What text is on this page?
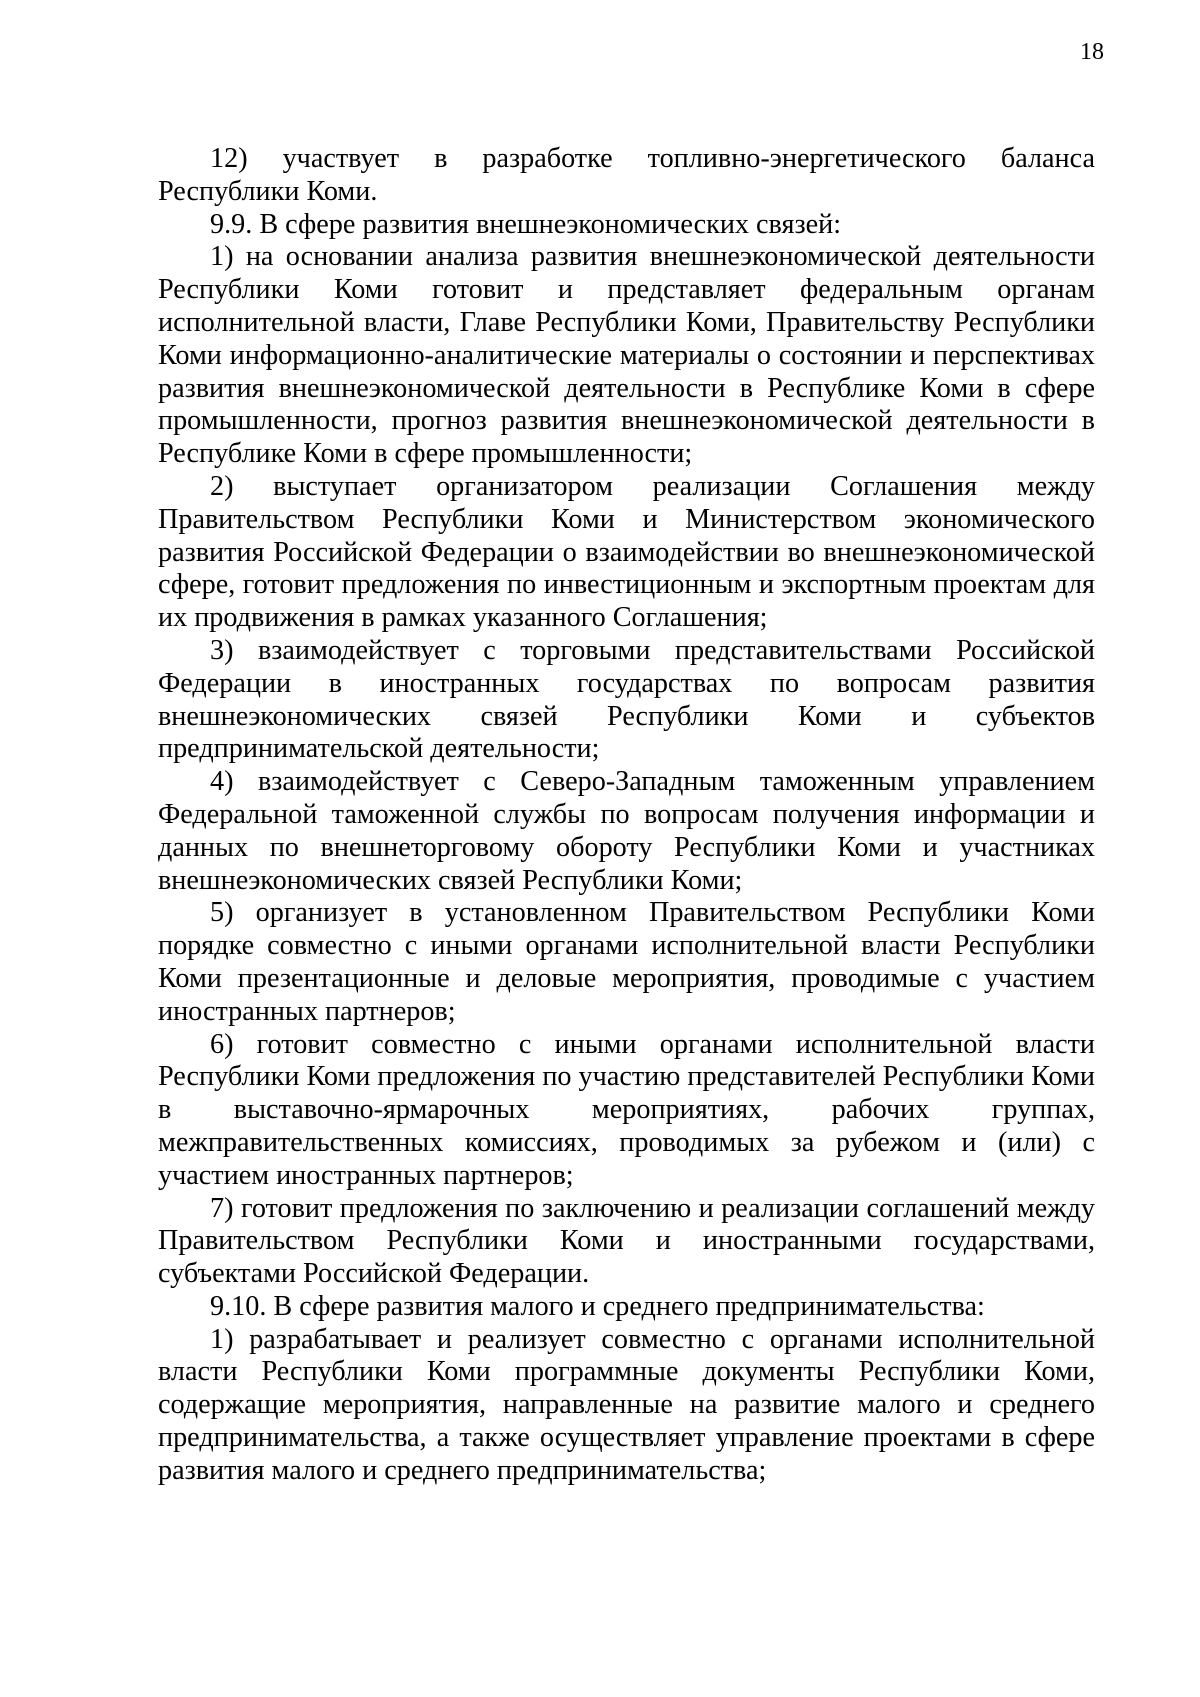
18

12) участвует в разработке топливно-энергетического баланса Республики Коми.

9.9. В сфере развития внешнеэкономических связей:

1) на основании анализа развития внешнеэкономической деятельности Республики Коми готовит и представляет федеральным органам исполнительной власти, Главе Республики Коми, Правительству Республики Коми информационно-аналитические материалы о состоянии и перспективах развития внешнеэкономической деятельности в Республике Коми в сфере промышленности, прогноз развития внешнеэкономической деятельности в Республике Коми в сфере промышленности;

2) выступает организатором реализации Соглашения между Правительством Республики Коми и Министерством экономического развития Российской Федерации о взаимодействии во внешнеэкономической сфере, готовит предложения по инвестиционным и экспортным проектам для их продвижения в рамках указанного Соглашения;

3) взаимодействует с торговыми представительствами Российской Федерации в иностранных государствах по вопросам развития внешнеэкономических связей Республики Коми и субъектов предпринимательской деятельности;

4) взаимодействует с Северо-Западным таможенным управлением Федеральной таможенной службы по вопросам получения информации и данных по внешнеторговому обороту Республики Коми и участниках внешнеэкономических связей Республики Коми;

5) организует в установленном Правительством Республики Коми порядке совместно с иными органами исполнительной власти Республики Коми презентационные и деловые мероприятия, проводимые с участием иностранных партнеров;

6) готовит совместно с иными органами исполнительной власти Республики Коми предложения по участию представителей Республики Коми в выставочно-ярмарочных мероприятиях, рабочих группах, межправительственных комиссиях, проводимых за рубежом и (или) с участием иностранных партнеров;

7) готовит предложения по заключению и реализации соглашений между Правительством Республики Коми и иностранными государствами, субъектами Российской Федерации.

9.10. В сфере развития малого и среднего предпринимательства:

1) разрабатывает и реализует совместно с органами исполнительной власти Республики Коми программные документы Республики Коми, содержащие мероприятия, направленные на развитие малого и среднего предпринимательства, а также осуществляет управление проектами в сфере развития малого и среднего предпринимательства;
